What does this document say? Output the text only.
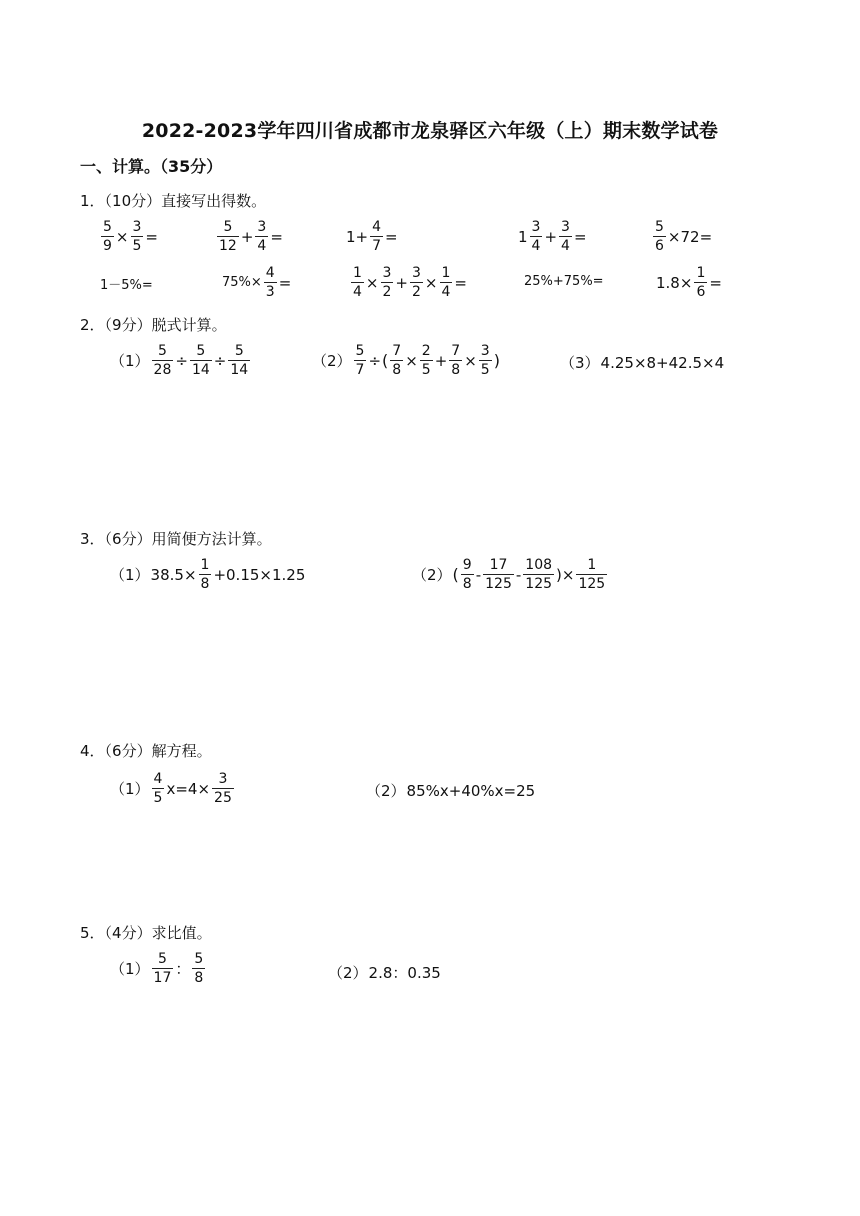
2022-2023学年四川省成都市龙泉驿区六年级（上）期末数学试卷
一、计算。（35分）
1．（10分）直接写出得数。
$\frac{5}{9} \times \frac{3}{5}$ =	$\frac{5}{12} + \frac{3}{4}$ =	$1+ \frac{4}{7}$ =	$1 \frac{3}{4} + \frac{3}{4}$ =	$\frac{5}{6} \times 72=$
1－5%=	$75\%\times \frac{4}{3}$ =	$\frac{1}{4} \times \frac{3}{2} + \frac{3}{2} \times \frac{1}{4}$ =	25%+75%=	$1.8\times \frac{1}{6}$ =
2．（9分）脱式计算。
$(1) \frac{5}{28} \div \frac{5}{14} \div \frac{5}{14}$	$(2) \frac{5}{7}$ ÷ ( $\frac{7}{8} \times \frac{2}{5} + \frac{7}{8} \times \frac{3}{5}$ )	（3） 4.25×8+42.5×4
3．（6分）用简便方法计算。
（1） $38.5\times \frac{1}{8} +0.15\times 1.25$	（2） ( $\frac{9}{8} - \frac{17}{125} - \frac{108}{125}$ )× $\frac{1}{125}$
4．（6分）解方程。
$(1) \frac{4}{5} x=4\times \frac{3}{25}$	（2） 85%x+40%x=25
5．（4分）求比值。
$(1) \frac{5}{17}$ ： $\frac{5}{8}$	（2） 2.8：0.35
